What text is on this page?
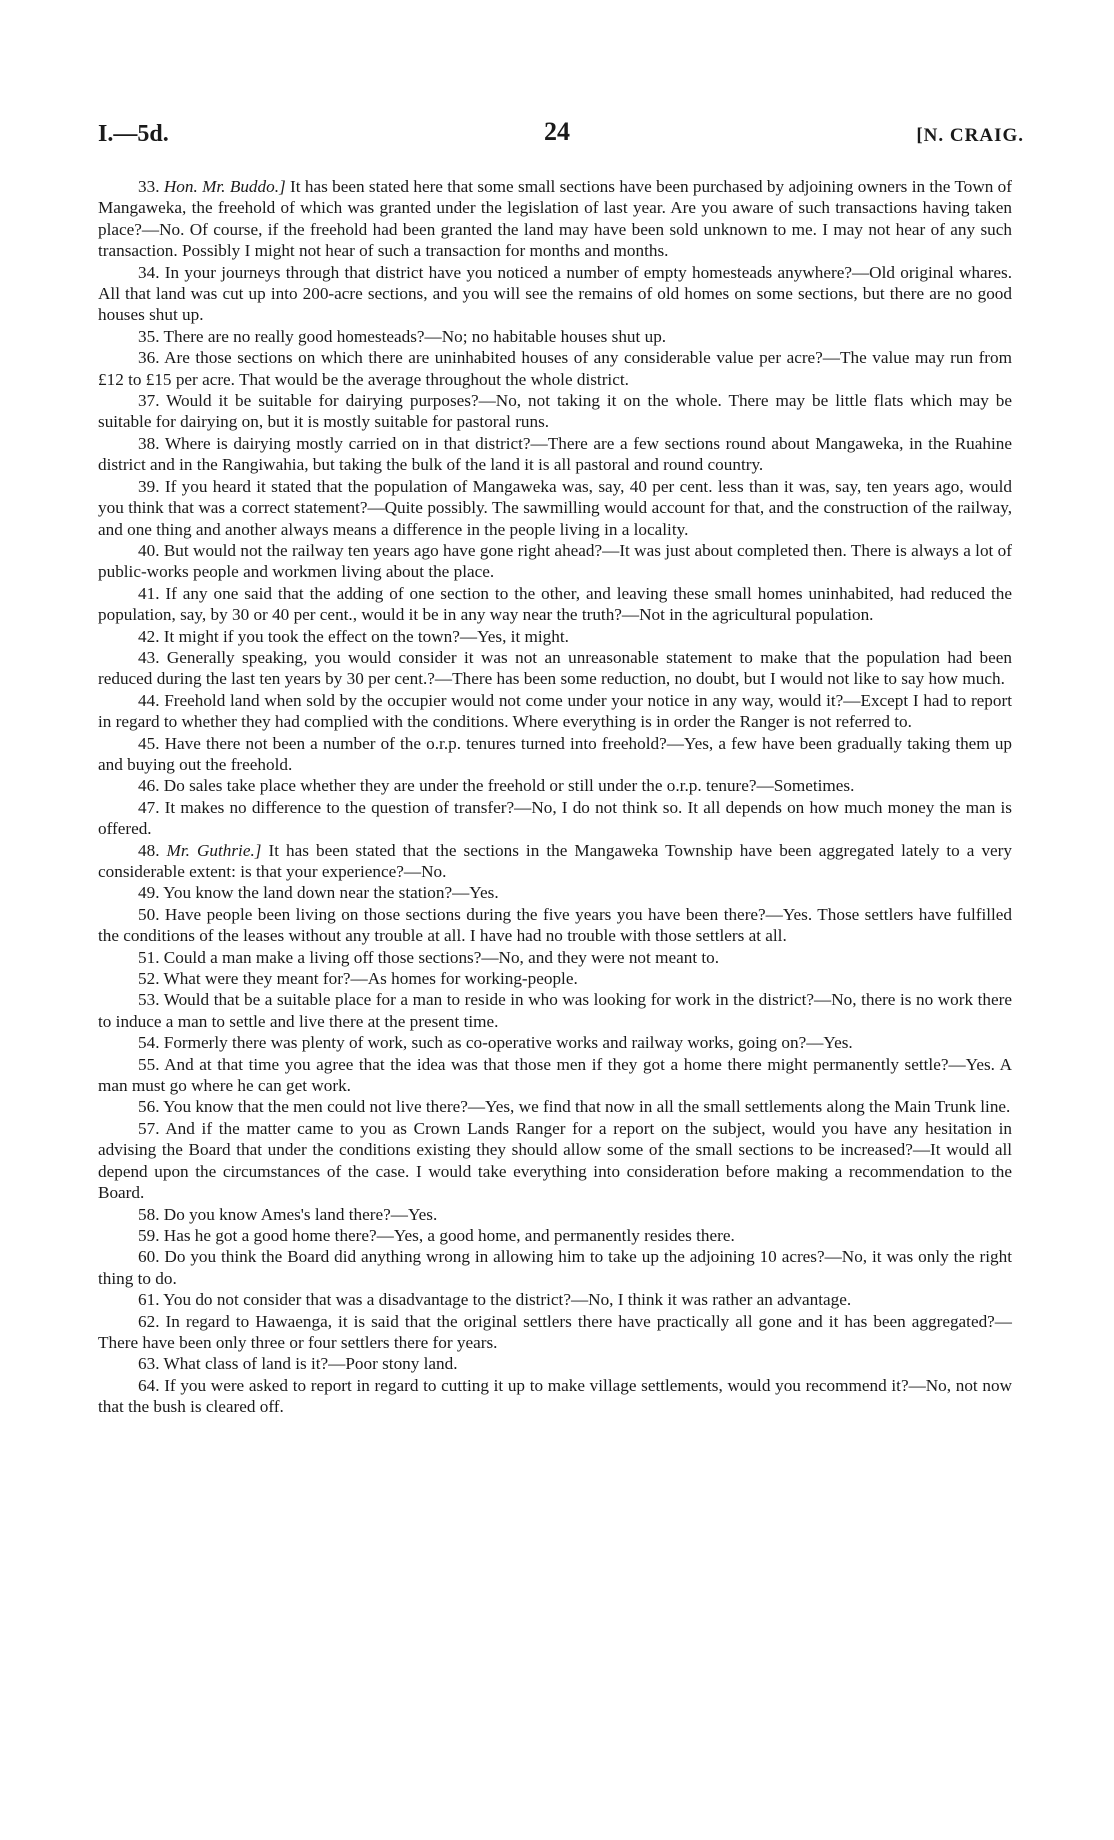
I.—5d.	24	[N. CRAIG.

33. Hon. Mr. Buddo.] It has been stated here that some small sections have been purchased by adjoining owners in the Town of Mangaweka, the freehold of which was granted under the legislation of last year. Are you aware of such transactions having taken place?—No. Of course, if the freehold had been granted the land may have been sold unknown to me. I may not hear of any such transaction. Possibly I might not hear of such a transaction for months and months.

34. In your journeys through that district have you noticed a number of empty homesteads anywhere?—Old original whares. All that land was cut up into 200-acre sections, and you will see the remains of old homes on some sections, but there are no good houses shut up.

35. There are no really good homesteads?—No; no habitable houses shut up.

36. Are those sections on which there are uninhabited houses of any considerable value per acre?—The value may run from £12 to £15 per acre. That would be the average throughout the whole district.

37. Would it be suitable for dairying purposes?—No, not taking it on the whole. There may be little flats which may be suitable for dairying on, but it is mostly suitable for pastoral runs.

38. Where is dairying mostly carried on in that district?—There are a few sections round about Mangaweka, in the Ruahine district and in the Rangiwahia, but taking the bulk of the land it is all pastoral and round country.

39. If you heard it stated that the population of Mangaweka was, say, 40 per cent. less than it was, say, ten years ago, would you think that was a correct statement?—Quite possibly. The sawmilling would account for that, and the construction of the railway, and one thing and another always means a difference in the people living in a locality.

40. But would not the railway ten years ago have gone right ahead?—It was just about completed then. There is always a lot of public-works people and workmen living about the place.

41. If any one said that the adding of one section to the other, and leaving these small homes uninhabited, had reduced the population, say, by 30 or 40 per cent., would it be in any way near the truth?—Not in the agricultural population.

42. It might if you took the effect on the town?—Yes, it might.

43. Generally speaking, you would consider it was not an unreasonable statement to make that the population had been reduced during the last ten years by 30 per cent.?—There has been some reduction, no doubt, but I would not like to say how much.

44. Freehold land when sold by the occupier would not come under your notice in any way, would it?—Except I had to report in regard to whether they had complied with the conditions. Where everything is in order the Ranger is not referred to.

45. Have there not been a number of the o.r.p. tenures turned into freehold?—Yes, a few have been gradually taking them up and buying out the freehold.

46. Do sales take place whether they are under the freehold or still under the o.r.p. tenure?—Sometimes.

47. It makes no difference to the question of transfer?—No, I do not think so. It all depends on how much money the man is offered.

48. Mr. Guthrie.] It has been stated that the sections in the Mangaweka Township have been aggregated lately to a very considerable extent: is that your experience?—No.

49. You know the land down near the station?—Yes.

50. Have people been living on those sections during the five years you have been there?—Yes. Those settlers have fulfilled the conditions of the leases without any trouble at all. I have had no trouble with those settlers at all.

51. Could a man make a living off those sections?—No, and they were not meant to.

52. What were they meant for?—As homes for working-people.

53. Would that be a suitable place for a man to reside in who was looking for work in the district?—No, there is no work there to induce a man to settle and live there at the present time.

54. Formerly there was plenty of work, such as co-operative works and railway works, going on?—Yes.

55. And at that time you agree that the idea was that those men if they got a home there might permanently settle?—Yes. A man must go where he can get work.

56. You know that the men could not live there?—Yes, we find that now in all the small settlements along the Main Trunk line.

57. And if the matter came to you as Crown Lands Ranger for a report on the subject, would you have any hesitation in advising the Board that under the conditions existing they should allow some of the small sections to be increased?—It would all depend upon the circumstances of the case. I would take everything into consideration before making a recommendation to the Board.

58. Do you know Ames's land there?—Yes.

59. Has he got a good home there?—Yes, a good home, and permanently resides there.

60. Do you think the Board did anything wrong in allowing him to take up the adjoining 10 acres?—No, it was only the right thing to do.

61. You do not consider that was a disadvantage to the district?—No, I think it was rather an advantage.

62. In regard to Hawaenga, it is said that the original settlers there have practically all gone and it has been aggregated?—There have been only three or four settlers there for years.

63. What class of land is it?—Poor stony land.

64. If you were asked to report in regard to cutting it up to make village settlements, would you recommend it?—No, not now that the bush is cleared off.
